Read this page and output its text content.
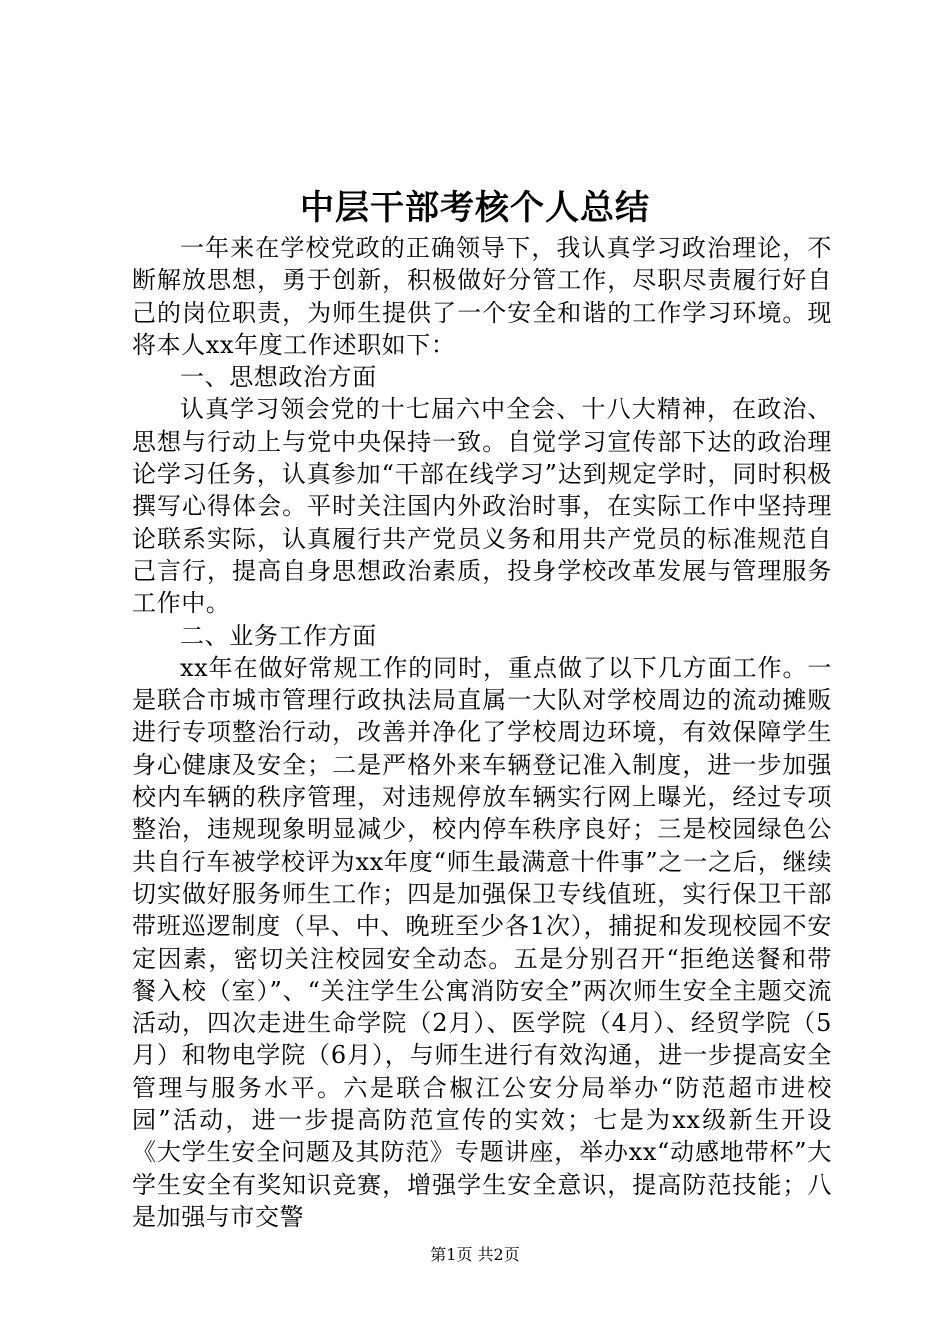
中层干部考核个人总结

一年来在学校党政的正确领导下，我认真学习政治理论，不断解放思想，勇于创新，积极做好分管工作，尽职尽责履行好自己的岗位职责，为师生提供了一个安全和谐的工作学习环境。现将本人xx年度工作述职如下：

一、思想政治方面

认真学习领会党的十七届六中全会、十八大精神，在政治、思想与行动上与党中央保持一致。自觉学习宣传部下达的政治理论学习任务，认真参加“干部在线学习”达到规定学时，同时积极撰写心得体会。平时关注国内外政治时事，在实际工作中坚持理论联系实际，认真履行共产党员义务和用共产党员的标准规范自己言行，提高自身思想政治素质，投身学校改革发展与管理服务工作中。

二、业务工作方面

xx年在做好常规工作的同时，重点做了以下几方面工作。一是联合市城市管理行政执法局直属一大队对学校周边的流动摊贩进行专项整治行动，改善并净化了学校周边环境，有效保障学生身心健康及安全；二是严格外来车辆登记准入制度，进一步加强校内车辆的秩序管理，对违规停放车辆实行网上曝光，经过专项整治，违规现象明显减少，校内停车秩序良好；三是校园绿色公共自行车被学校评为xx年度“师生最满意十件事”之一之后，继续切实做好服务师生工作；四是加强保卫专线值班，实行保卫干部带班巡逻制度（早、中、晚班至少各1次），捕捉和发现校园不安定因素，密切关注校园安全动态。五是分别召开“拒绝送餐和带餐入校（室）”、“关注学生公寓消防安全”两次师生安全主题交流活动，四次走进生命学院（2月）、医学院（4月）、经贸学院（5月）和物电学院（6月），与师生进行有效沟通，进一步提高安全管理与服务水平。六是联合椒江公安分局举办“防范超市进校园”活动，进一步提高防范宣传的实效；七是为xx级新生开设《大学生安全问题及其防范》专题讲座，举办xx“动感地带杯”大学生安全有奖知识竞赛，增强学生安全意识，提高防范技能；八是加强与市交警

第1页 共2页
